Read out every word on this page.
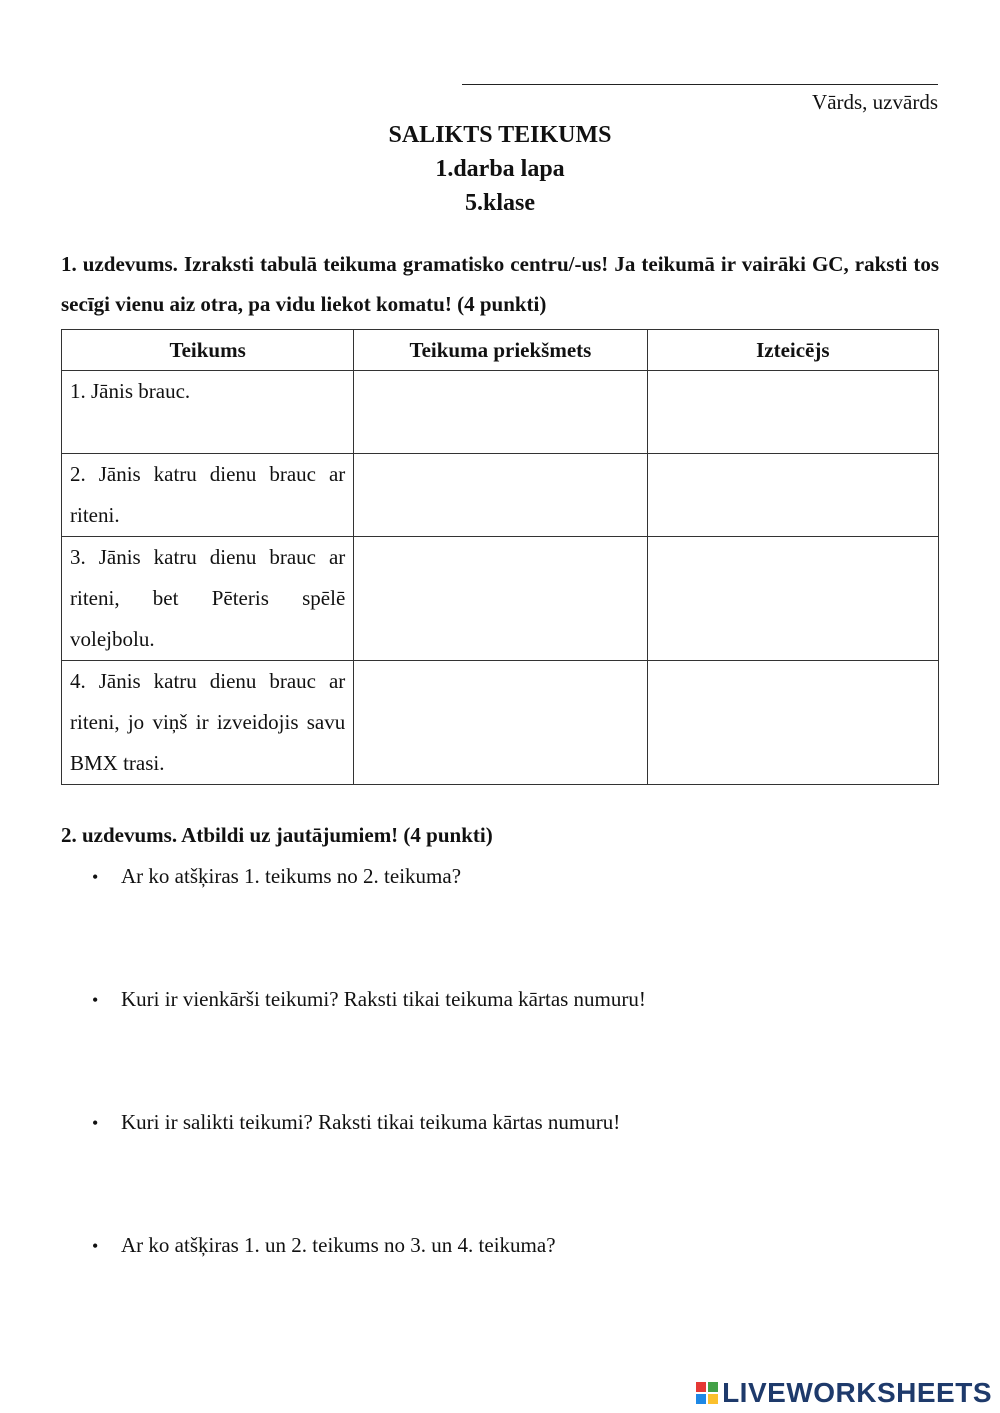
Vārds, uzvārds
SALIKTS TEIKUMS
1.darba lapa
5.klase
1. uzdevums. Izraksti tabulā teikuma gramatisko centru/-us! Ja teikumā ir vairāki GC, raksti tos secīgi vienu aiz otra, pa vidu liekot komatu! (4 punkti)
Teikums	Teikuma priekšmets	Izteicējs
1. Jānis brauc.		
2. Jānis katru dienu brauc ar riteni.		
3. Jānis katru dienu brauc ar riteni, bet Pēteris spēlē volejbolu.		
4. Jānis katru dienu brauc ar riteni, jo viņš ir izveidojis savu BMX trasi.		
2. uzdevums. Atbildi uz jautājumiem! (4 punkti)
• Ar ko atšķiras 1. teikums no 2. teikuma?
• Kuri ir vienkārši teikumi? Raksti tikai teikuma kārtas numuru!
• Kuri ir salikti teikumi? Raksti tikai teikuma kārtas numuru!
• Ar ko atšķiras 1. un 2. teikums no 3. un 4. teikuma?
LIVEWORKSHEETS
